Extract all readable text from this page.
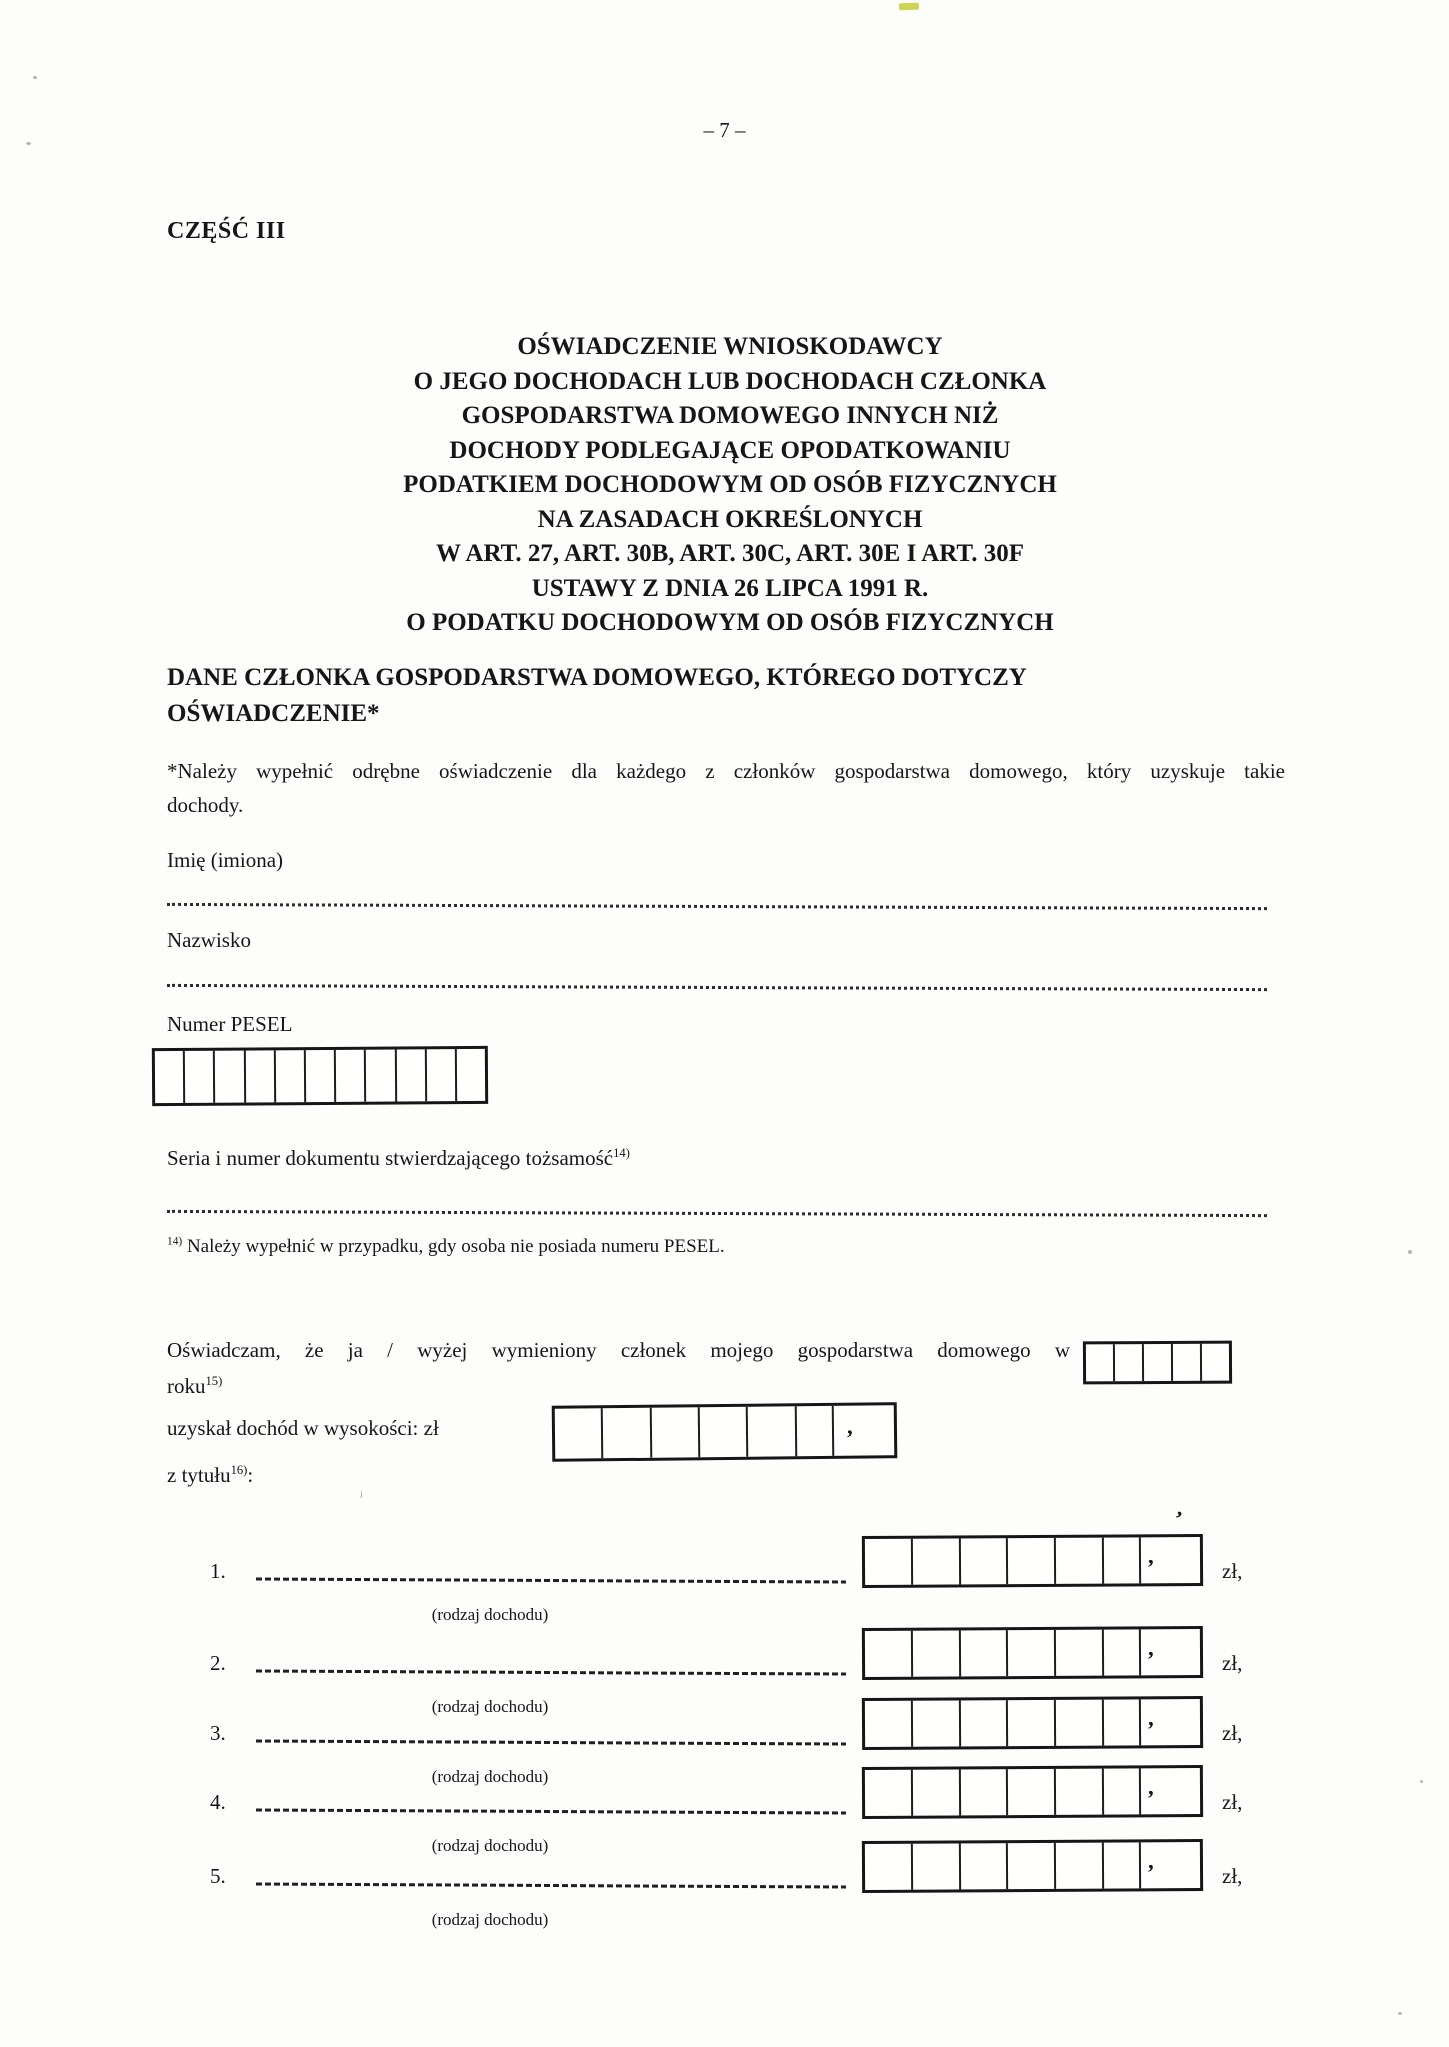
– 7 –
CZĘŚĆ III
OŚWIADCZENIE WNIOSKODAWCY
O JEGO DOCHODACH LUB DOCHODACH CZŁONKA
GOSPODARSTWA DOMOWEGO INNYCH NIŻ
DOCHODY PODLEGAJĄCE OPODATKOWANIU
PODATKIEM DOCHODOWYM OD OSÓB FIZYCZNYCH
NA ZASADACH OKREŚLONYCH
W ART. 27, ART. 30B, ART. 30C, ART. 30E I ART. 30F
USTAWY Z DNIA 26 LIPCA 1991 R.
O PODATKU DOCHODOWYM OD OSÓB FIZYCZNYCH
DANE CZŁONKA GOSPODARSTWA DOMOWEGO, KTÓREGO DOTYCZY
OŚWIADCZENIE*
*Należy wypełnić odrębne oświadczenie dla każdego z członków gospodarstwa domowego, który uzyskuje takie
dochody.
Imię (imiona)
Nazwisko
Numer PESEL
Seria i numer dokumentu stwierdzającego tożsamość$^{14)}$
$^{14)}$ Należy wypełnić w przypadku, gdy osoba nie posiada numeru PESEL.
Oświadczam, że ja / wyżej wymieniony członek mojego gospodarstwa domowego w
roku$^{15)}$
uzyskał dochód w wysokości: zł	,
z tytułu$^{16)}$:
’
ʲ
1.
(rodzaj dochodu)
,
zł,
2.
(rodzaj dochodu)
,
zł,
3.
(rodzaj dochodu)
,
zł,
4.
(rodzaj dochodu)
,
zł,
5.
(rodzaj dochodu)
,
zł,
